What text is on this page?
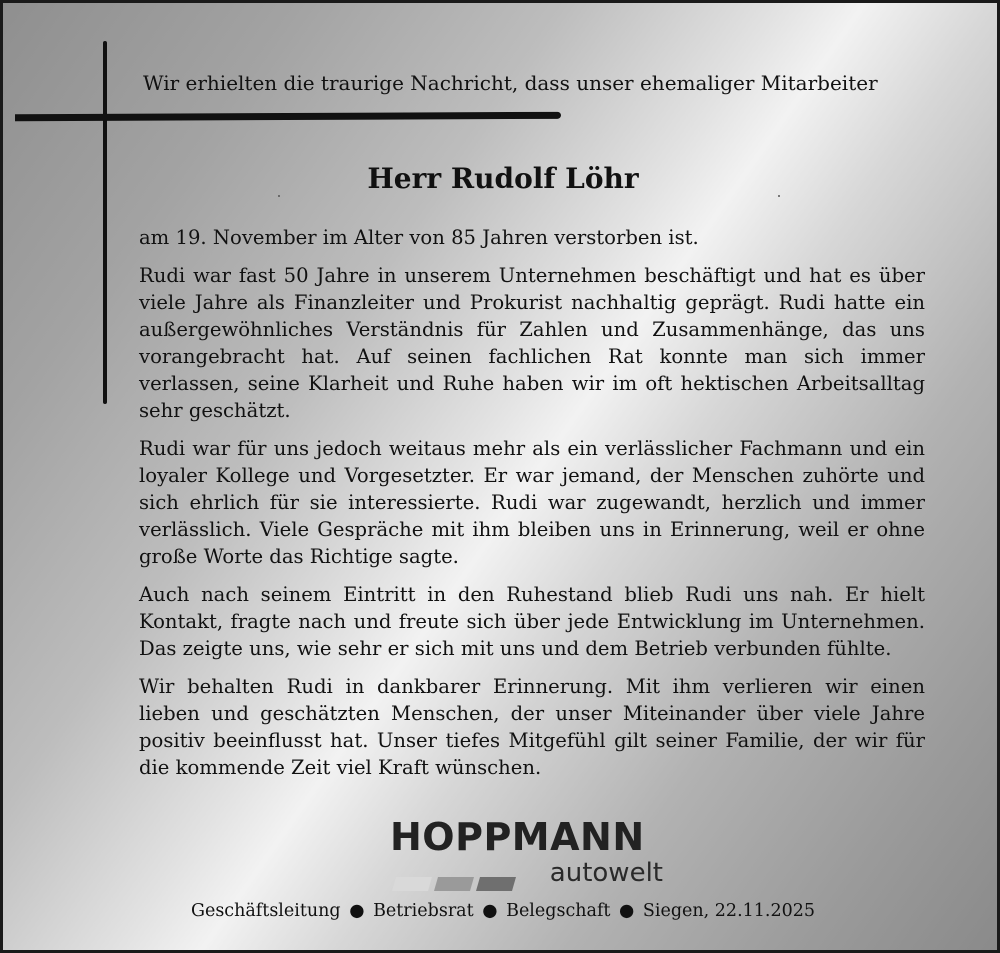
Wir erhielten die traurige Nachricht, dass unser ehemaliger Mitarbeiter
Herr Rudolf Löhr

am 19. November im Alter von 85 Jahren verstorben ist.

Rudi war fast 50 Jahre in unserem Unternehmen beschäftigt und hat es über viele Jahre als Finanzleiter und Prokurist nachhaltig geprägt. Rudi hatte ein außergewöhnliches Verständnis für Zahlen und Zusammenhänge, das uns vorangebracht hat. Auf seinen fachlichen Rat konnte man sich immer verlassen, seine Klarheit und Ruhe haben wir im oft hektischen Arbeitsalltag sehr geschätzt.

Rudi war für uns jedoch weitaus mehr als ein verlässlicher Fachmann und ein loyaler Kollege und Vorgesetzter. Er war jemand, der Menschen zuhörte und sich ehrlich für sie interessierte. Rudi war zugewandt, herzlich und immer verlässlich. Viele Gespräche mit ihm bleiben uns in Erinnerung, weil er ohne große Worte das Richtige sagte.

Auch nach seinem Eintritt in den Ruhestand blieb Rudi uns nah. Er hielt Kontakt, fragte nach und freute sich über jede Entwicklung im Unternehmen. Das zeigte uns, wie sehr er sich mit uns und dem Betrieb verbunden fühlte.

Wir behalten Rudi in dankbarer Erinnerung. Mit ihm verlieren wir einen lieben und geschätzten Menschen, der unser Miteinander über viele Jahre positiv beeinflusst hat. Unser tiefes Mitgefühl gilt seiner Familie, der wir für die kommende Zeit viel Kraft wünschen.

HOPPMANN
autowelt
Geschäftsleitung ● Betriebsrat ● Belegschaft ● Siegen, 22.11.2025
